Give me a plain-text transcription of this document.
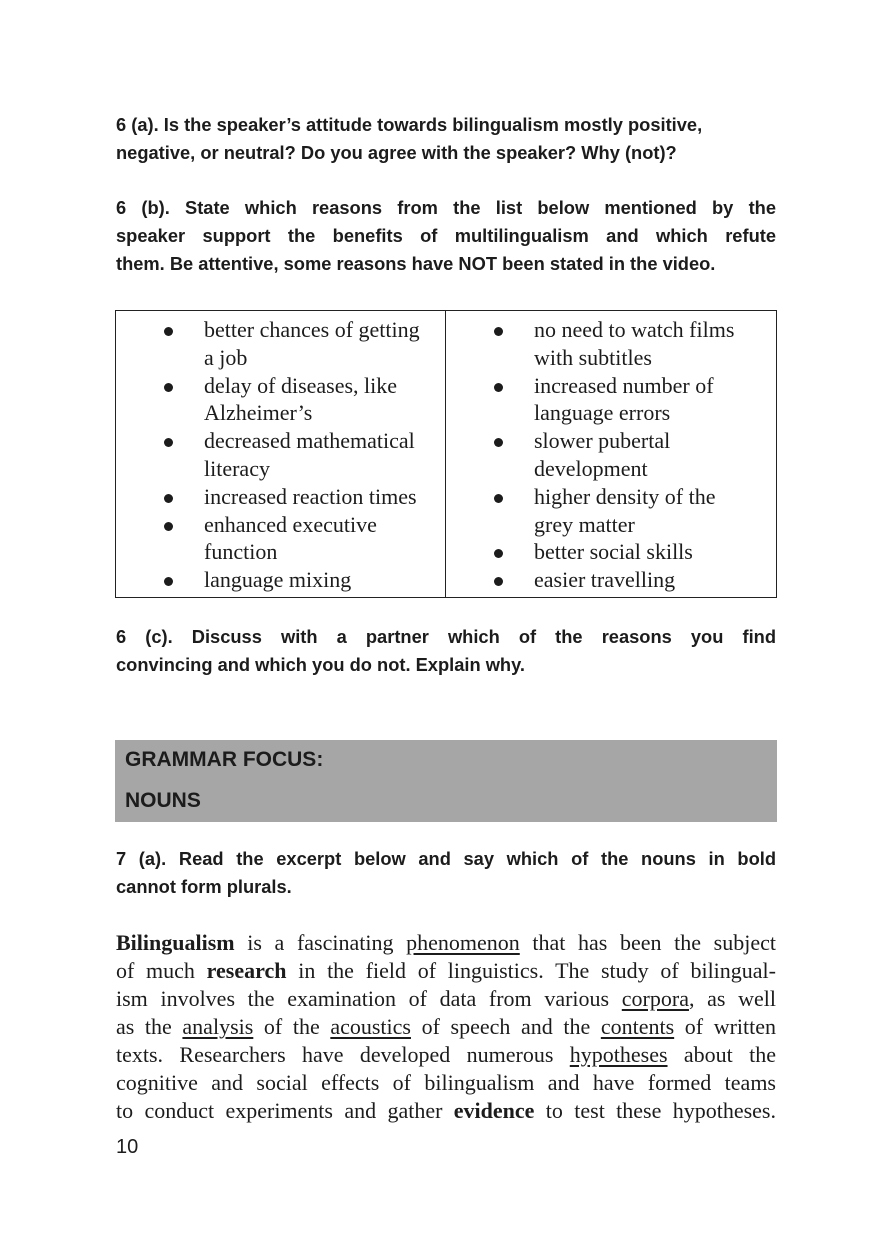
6 (a). Is the speaker’s attitude towards bilingualism mostly positive,
negative, or neutral? Do you agree with the speaker? Why (not)?

6 (b). State which reasons from the list below mentioned by the
speaker support the benefits of multilingualism and which refute
them. Be attentive, some reasons have NOT been stated in the video.

better chances of getting
a job
delay of diseases, like
Alzheimer’s
decreased mathematical
literacy
increased reaction times
enhanced executive
function
language mixing
no need to watch films
with subtitles
increased number of
language errors
slower pubertal
development
higher density of the
grey matter
better social skills
easier travelling

6 (c). Discuss with a partner which of the reasons you find
convincing and which you do not. Explain why.

GRAMMAR FOCUS:
NOUNS

7 (a). Read the excerpt below and say which of the nouns in bold
cannot form plurals.

Bilingualism is a fascinating phenomenon that has been the subject
of much research in the field of linguistics. The study of bilingual-
ism involves the examination of data from various corpora, as well
as the analysis of the acoustics of speech and the contents of written
texts. Researchers have developed numerous hypotheses about the
cognitive and social effects of bilingualism and have formed teams
to conduct experiments and gather evidence to test these hypotheses.

10
